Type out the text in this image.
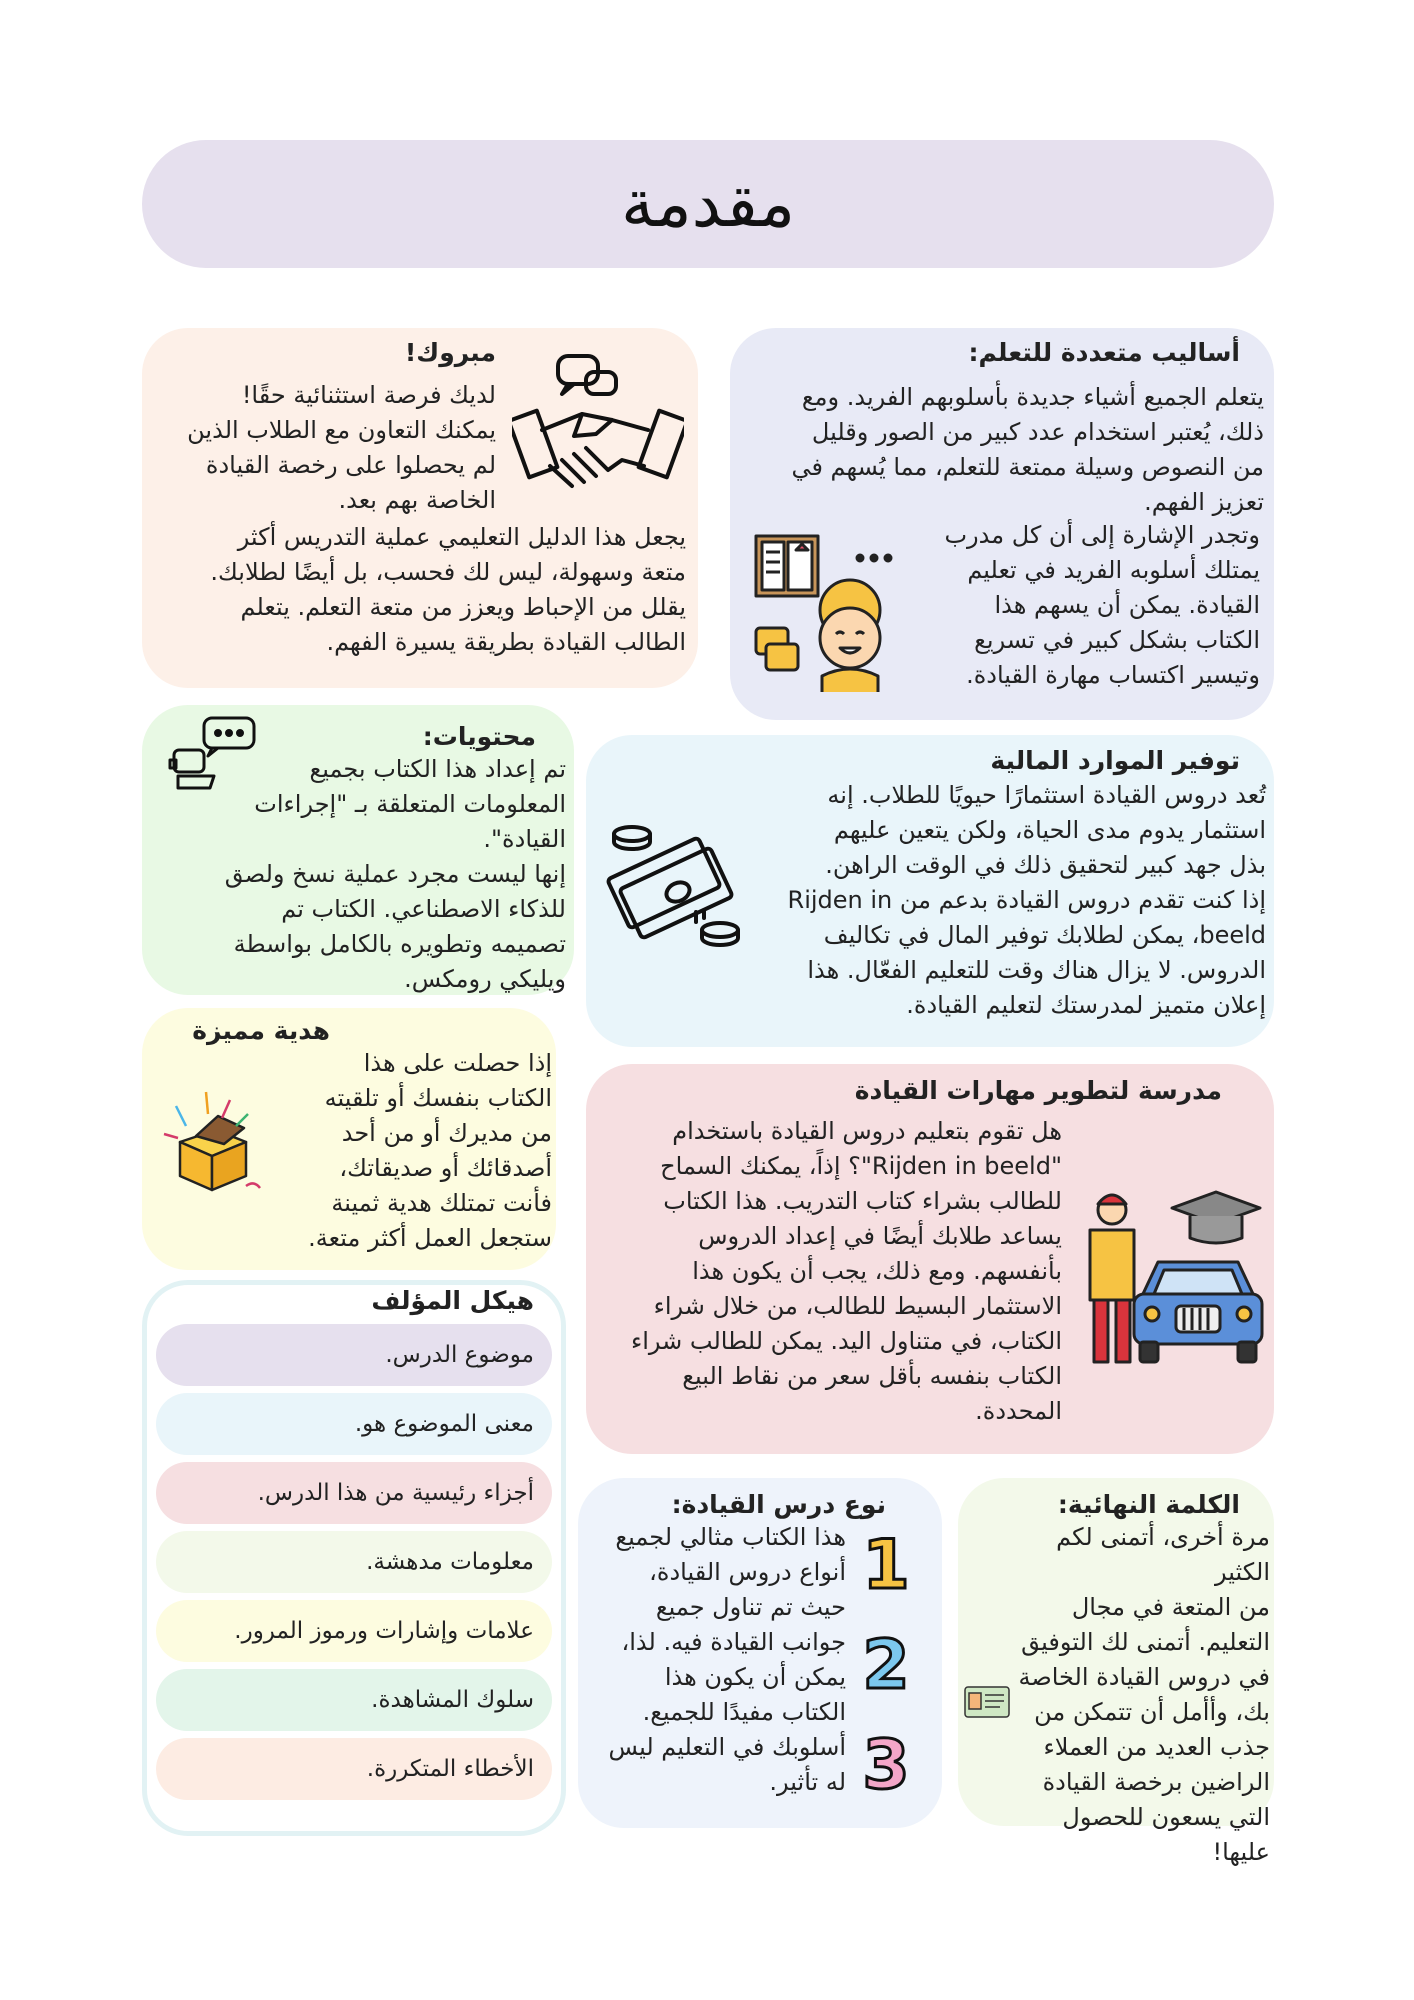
مقدمة
مبروك!
لديك فرصة استثنائية حقًا!
يمكنك التعاون مع الطلاب الذين
لم يحصلوا على رخصة القيادة
الخاصة بهم بعد.
يجعل هذا الدليل التعليمي عملية التدريس أكثر
متعة وسهولة، ليس لك فحسب، بل أيضًا لطلابك.
يقلل من الإحباط ويعزز من متعة التعلم. يتعلم
الطالب القيادة بطريقة يسيرة الفهم.
أساليب متعددة للتعلم:
يتعلم الجميع أشياء جديدة بأسلوبهم الفريد. ومع
ذلك، يُعتبر استخدام عدد كبير من الصور وقليل
من النصوص وسيلة ممتعة للتعلم، مما يُسهم في
تعزيز الفهم.
وتجدر الإشارة إلى أن كل مدرب
يمتلك أسلوبه الفريد في تعليم
القيادة. يمكن أن يسهم هذا
الكتاب بشكل كبير في تسريع
وتيسير اكتساب مهارة القيادة.
محتويات:
تم إعداد هذا الكتاب بجميع
المعلومات المتعلقة بـ "إجراءات
القيادة".
إنها ليست مجرد عملية نسخ ولصق
للذكاء الاصطناعي. الكتاب تم
تصميمه وتطويره بالكامل بواسطة
ويليكي رومكس.
توفير الموارد المالية
تُعد دروس القيادة استثمارًا حيويًا للطلاب. إنه
استثمار يدوم مدى الحياة، ولكن يتعين عليهم
بذل جهد كبير لتحقيق ذلك في الوقت الراهن.
إذا كنت تقدم دروس القيادة بدعم من Rijden in
beeld، يمكن لطلابك توفير المال في تكاليف
الدروس. لا يزال هناك وقت للتعليم الفعّال. هذا
إعلان متميز لمدرستك لتعليم القيادة.
هدية مميزة
إذا حصلت على هذا
الكتاب بنفسك أو تلقيته
من مديرك أو من أحد
أصدقائك أو صديقاتك،
فأنت تمتلك هدية ثمينة
ستجعل العمل أكثر متعة.
مدرسة لتطوير مهارات القيادة
هل تقوم بتعليم دروس القيادة باستخدام
"Rijden in beeld"؟ إذاً، يمكنك السماح
للطالب بشراء كتاب التدريب. هذا الكتاب
يساعد طلابك أيضًا في إعداد الدروس
بأنفسهم. ومع ذلك، يجب أن يكون هذا
الاستثمار البسيط للطالب، من خلال شراء
الكتاب، في متناول اليد. يمكن للطالب شراء
الكتاب بنفسه بأقل سعر من نقاط البيع
المحددة.
هيكل المؤلف
موضوع الدرس.
معنى الموضوع هو.
أجزاء رئيسية من هذا الدرس.
معلومات مدهشة.
علامات وإشارات ورموز المرور.
سلوك المشاهدة.
الأخطاء المتكررة.
نوع درس القيادة:
هذا الكتاب مثالي لجميع
أنواع دروس القيادة،
حيث تم تناول جميع
جوانب القيادة فيه. لذا،
يمكن أن يكون هذا
الكتاب مفيدًا للجميع.
أسلوبك في التعليم ليس
له تأثير.
1
2
3
الكلمة النهائية:
مرة أخرى، أتمنى لكم الكثير
من المتعة في مجال
التعليم. أتمنى لك التوفيق
في دروس القيادة الخاصة
بك، وأأمل أن تتمكن من
جذب العديد من العملاء
الراضين برخصة القيادة
التي يسعون للحصول عليها!
